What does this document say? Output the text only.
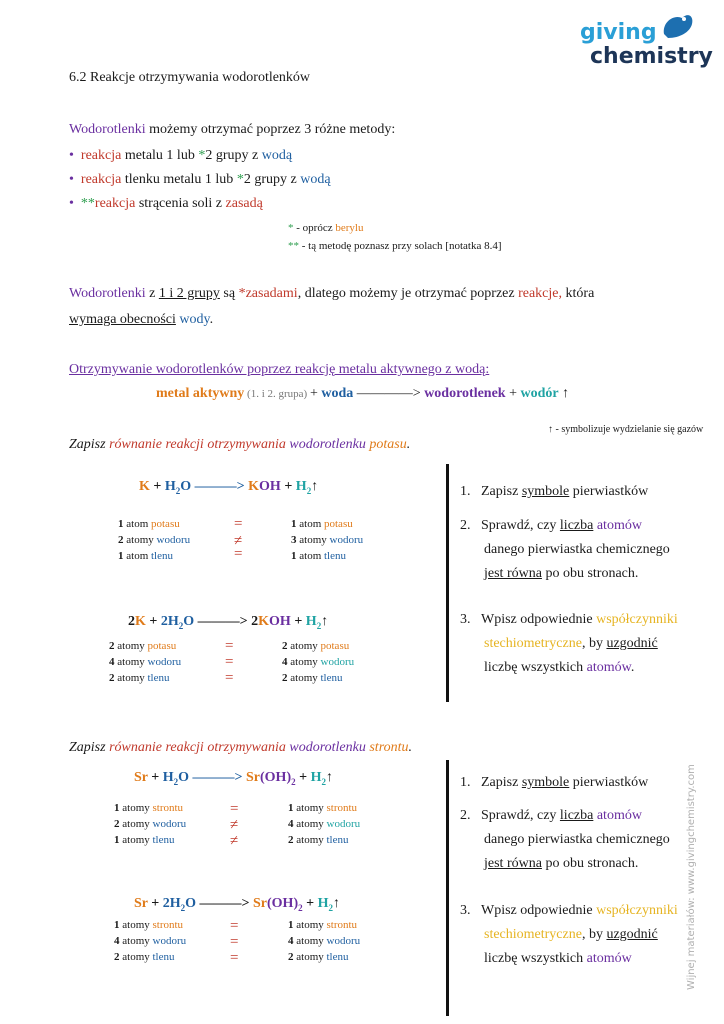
giving
chemistry
6.2 Reakcje otrzymywania wodorotlenków
Wodorotlenki możemy otrzymać poprzez 3 różne metody:
• reakcja metalu 1 lub *2 grupy z wodą
• reakcja tlenku metalu 1 lub *2 grupy z wodą
• **reakcja strącenia soli z zasadą
* - oprócz berylu
** - tą metodę poznasz przy solach [notatka 8.4]
Wodorotlenki z 1 i 2 grupy są *zasadami, dlatego możemy je otrzymać poprzez reakcje, która
wymaga obecności wody.
Otrzymywanie wodorotlenków poprzez reakcję metalu aktywnego z wodą:
metal aktywny (1. i 2. grupa) + woda ————> wodorotlenek + wodór ↑
↑ - symbolizuje wydzielanie się gazów
Zapisz równanie reakcji otrzymywania wodorotlenku potasu.
$K + H_2O$ ———> KOH + $H_2↑$
1 atom potasu
2 atomy wodoru
1 atom tlenu
=
≠
=
1 atom potasu
3 atomy wodoru
1 atom tlenu
$2K + 2H_2O$ ———> $2KOH + H_2↑$
2 atomy potasu
4 atomy wodoru
2 atomy tlenu
=
=
=
2 atomy potasu
4 atomy wodoru
2 atomy tlenu
1. Zapisz symbole pierwiastków
2. Sprawdź, czy liczba atomów
danego pierwiastka chemicznego
jest równa po obu stronach.
3. Wpisz odpowiednie współczynniki
stechiometryczne, by uzgodnić
liczbę wszystkich atomów.
Zapisz równanie reakcji otrzymywania wodorotlenku strontu.
$Sr + H_2O$ ———> $Sr(OH)_2$ + $H_2↑$
1 atomy strontu
2 atomy wodoru
1 atomy tlenu
=
≠
≠
1 atomy strontu
4 atomy wodoru
2 atomy tlenu
$Sr + 2H_2O$ ———> $Sr(OH)_2$ + $H_2↑$
1 atomy strontu
4 atomy wodoru
2 atomy tlenu
=
=
=
1 atomy strontu
4 atomy wodoru
2 atomy tlenu
1. Zapisz symbole pierwiastków
2. Sprawdź, czy liczba atomów
danego pierwiastka chemicznego
jest równa po obu stronach.
3. Wpisz odpowiednie współczynniki
stechiometryczne, by uzgodnić
liczbę wszystkich atomów	Wijnej materiałów: www.givingchemistry.com
